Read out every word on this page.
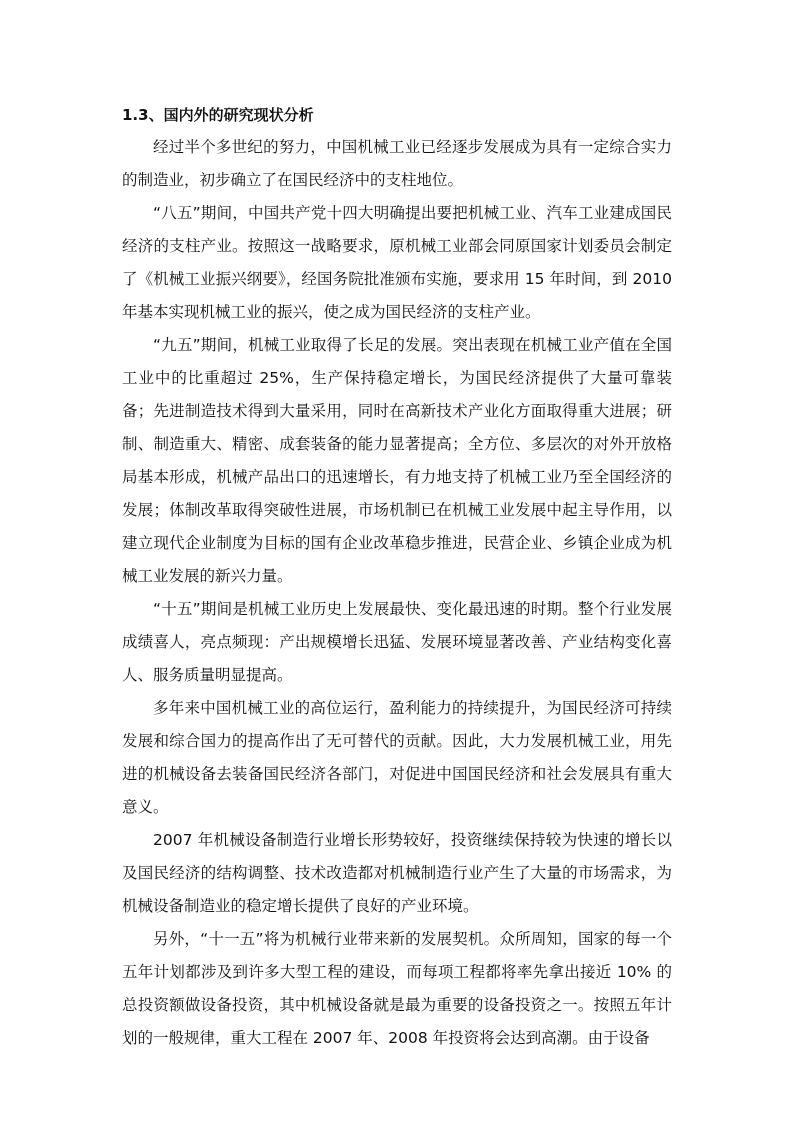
1.3、国内外的研究现状分析

经过半个多世纪的努力，中国机械工业已经逐步发展成为具有一定综合实力的制造业，初步确立了在国民经济中的支柱地位。

“八五”期间，中国共产党十四大明确提出要把机械工业、汽车工业建成国民经济的支柱产业。按照这一战略要求，原机械工业部会同原国家计划委员会制定了《机械工业振兴纲要》，经国务院批准颁布实施，要求用 15 年时间，到 2010 年基本实现机械工业的振兴，使之成为国民经济的支柱产业。

“九五”期间，机械工业取得了长足的发展。突出表现在机械工业产值在全国工业中的比重超过 25%，生产保持稳定增长，为国民经济提供了大量可靠装备；先进制造技术得到大量采用，同时在高新技术产业化方面取得重大进展；研制、制造重大、精密、成套装备的能力显著提高；全方位、多层次的对外开放格局基本形成，机械产品出口的迅速增长，有力地支持了机械工业乃至全国经济的发展；体制改革取得突破性进展，市场机制已在机械工业发展中起主导作用，以建立现代企业制度为目标的国有企业改革稳步推进，民营企业、乡镇企业成为机械工业发展的新兴力量。

“十五”期间是机械工业历史上发展最快、变化最迅速的时期。整个行业发展成绩喜人，亮点频现：产出规模增长迅猛、发展环境显著改善、产业结构变化喜人、服务质量明显提高。

多年来中国机械工业的高位运行，盈利能力的持续提升，为国民经济可持续发展和综合国力的提高作出了无可替代的贡献。因此，大力发展机械工业，用先进的机械设备去装备国民经济各部门，对促进中国国民经济和社会发展具有重大意义。

2007 年机械设备制造行业增长形势较好，投资继续保持较为快速的增长以及国民经济的结构调整、技术改造都对机械制造行业产生了大量的市场需求，为机械设备制造业的稳定增长提供了良好的产业环境。

另外，“十一五”将为机械行业带来新的发展契机。众所周知，国家的每一个五年计划都涉及到许多大型工程的建设，而每项工程都将率先拿出接近 10% 的总投资额做设备投资，其中机械设备就是最为重要的设备投资之一。按照五年计划的一般规律，重大工程在 2007 年、2008 年投资将会达到高潮。由于设备
